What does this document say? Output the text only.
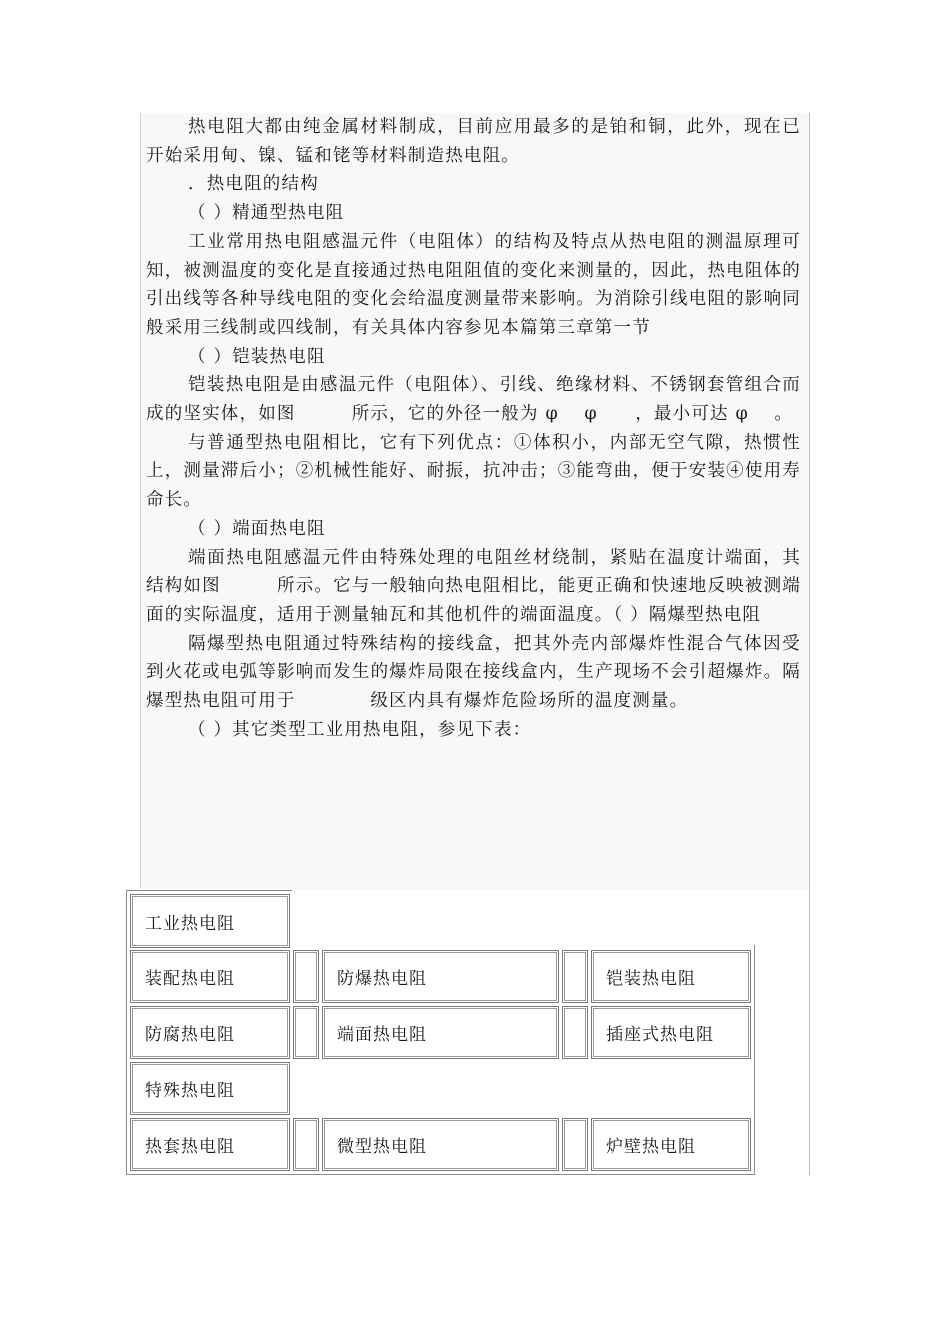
热电阻大都由纯金属材料制成，目前应用最多的是铂和铜，此外，现在已开始采用甸、镍、锰和铑等材料制造热电阻。

．热电阻的结构

（ ）精通型热电阻

工业常用热电阻感温元件（电阻体）的结构及特点从热电阻的测温原理可知，被测温度的变化是直接通过热电阻阻值的变化来测量的，因此，热电阻体的引出线等各种导线电阻的变化会给温度测量带来影响。为消除引线电阻的影响同般采用三线制或四线制，有关具体内容参见本篇第三章第一节

（ ）铠装热电阻

铠装热电阻是由感温元件（电阻体）、引线、绝缘材料、不锈钢套管组合而成的坚实体，如图　　　所示，它的外径一般为 φ　 φ　　，最小可达 φ　 。

与普通型热电阻相比，它有下列优点：①体积小，内部无空气隙，热惯性上，测量滞后小；②机械性能好、耐振，抗冲击；③能弯曲，便于安装④使用寿命长。

（ ）端面热电阻

端面热电阻感温元件由特殊处理的电阻丝材绕制，紧贴在温度计端面，其结构如图　　　所示。它与一般轴向热电阻相比，能更正确和快速地反映被测端面的实际温度，适用于测量轴瓦和其他机件的端面温度。（ ）隔爆型热电阻

隔爆型热电阻通过特殊结构的接线盒，把其外壳内部爆炸性混合气体因受到火花或电弧等影响而发生的爆炸局限在接线盒内，生产现场不会引超爆炸。隔爆型热电阻可用于　　　　级区内具有爆炸危险场所的温度测量。

（ ）其它类型工业用热电阻，参见下表：

工业热电阻
装配热电阻	防爆热电阻	铠装热电阻
防腐热电阻	端面热电阻	插座式热电阻
特殊热电阻
热套热电阻	微型热电阻	炉壁热电阻
